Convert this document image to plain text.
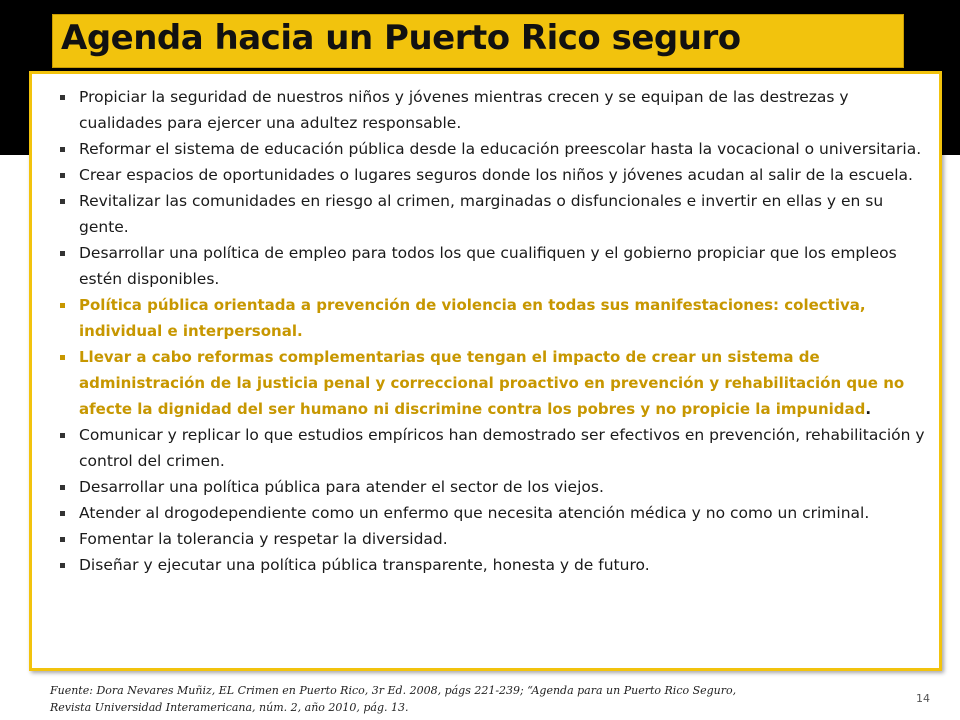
Agenda hacia un Puerto Rico seguro
Propiciar la seguridad de nuestros niños y jóvenes mientras crecen y se equipan de las destrezas y cualidades para ejercer una adultez responsable.
Reformar el sistema de educación pública desde la educación preescolar hasta la vocacional o universitaria.
Crear espacios de oportunidades o lugares seguros donde los niños y jóvenes acudan al salir de la escuela.
Revitalizar las comunidades en riesgo al crimen, marginadas o disfuncionales e invertir en ellas y en su gente.
Desarrollar una política de empleo para todos los que cualifiquen y el gobierno propiciar que los empleos estén disponibles.
Política pública orientada a prevención de violencia en todas sus manifestaciones: colectiva, individual e interpersonal.
Llevar a cabo reformas complementarias que tengan el impacto de crear un sistema de administración de la justicia penal y correccional proactivo en prevención y rehabilitación que no afecte la dignidad del ser humano ni discrimine contra los pobres y no propicie la impunidad.
Comunicar y replicar lo que estudios empíricos han demostrado ser efectivos en prevención, rehabilitación y control del crimen.
Desarrollar una política pública para atender el sector de los viejos.
Atender al drogodependiente como un enfermo que necesita atención médica y no como un criminal.
Fomentar la tolerancia y respetar la diversidad.
Diseñar y ejecutar una política pública transparente, honesta y de futuro.
Fuente: Dora Nevares Muñiz, EL Crimen en Puerto Rico, 3r Ed. 2008, págs 221-239; “Agenda para un Puerto Rico Seguro,
Revista Universidad Interamericana, núm. 2, año 2010, pág. 13.
14
